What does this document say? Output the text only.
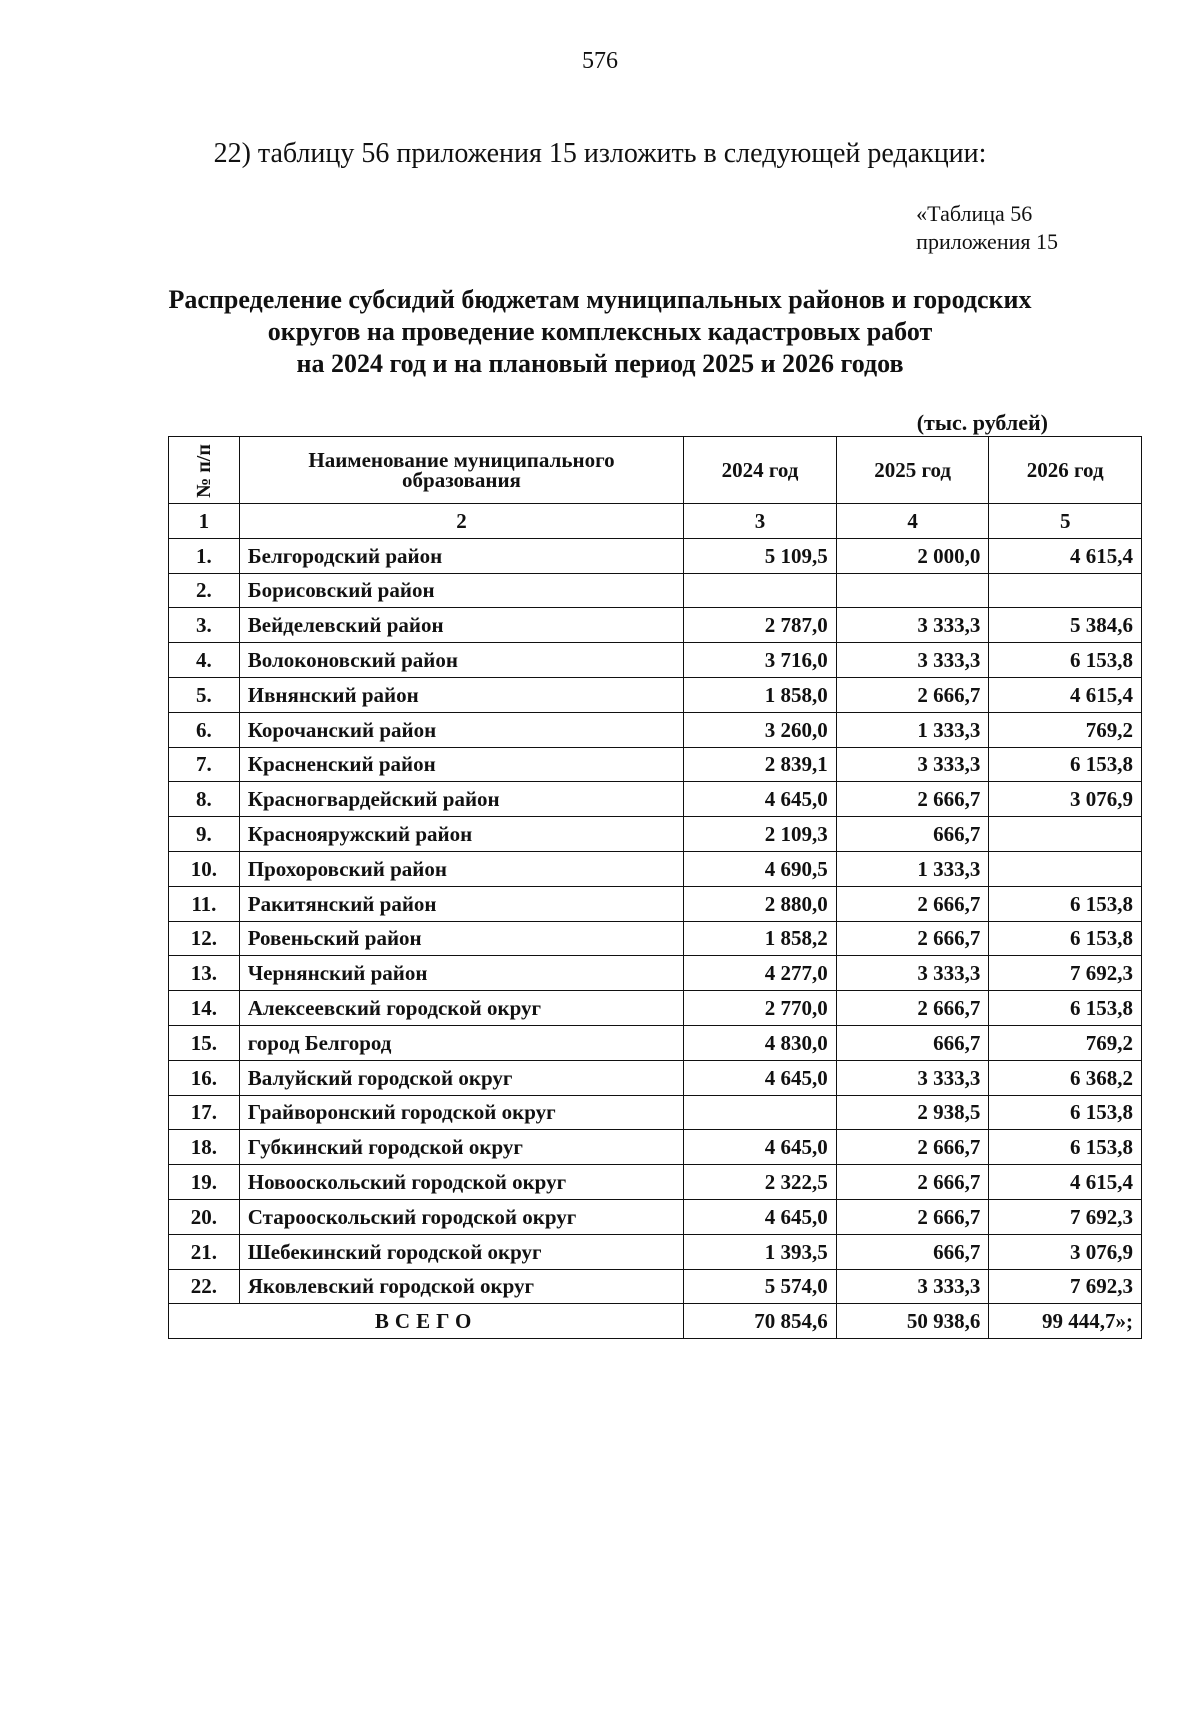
576
22) таблицу 56 приложения 15 изложить в следующей редакции:
«Таблица 56
приложения 15
Распределение субсидий бюджетам муниципальных районов и городских
округов на проведение комплексных кадастровых работ
на 2024 год и на плановый период 2025 и 2026 годов
(тыс. рублей)
№ п/п	Наименование муниципального образования	2024 год	2025 год	2026 год
1	2	3	4	5
1.	Белгородский район	5 109,5	2 000,0	4 615,4
2.	Борисовский район			
3.	Вейделевский район	2 787,0	3 333,3	5 384,6
4.	Волоконовский район	3 716,0	3 333,3	6 153,8
5.	Ивнянский район	1 858,0	2 666,7	4 615,4
6.	Корочанский район	3 260,0	1 333,3	769,2
7.	Красненский район	2 839,1	3 333,3	6 153,8
8.	Красногвардейский район	4 645,0	2 666,7	3 076,9
9.	Краснояружский район	2 109,3	666,7	
10.	Прохоровский район	4 690,5	1 333,3	
11.	Ракитянский район	2 880,0	2 666,7	6 153,8
12.	Ровеньский район	1 858,2	2 666,7	6 153,8
13.	Чернянский район	4 277,0	3 333,3	7 692,3
14.	Алексеевский городской округ	2 770,0	2 666,7	6 153,8
15.	город Белгород	4 830,0	666,7	769,2
16.	Валуйский городской округ	4 645,0	3 333,3	6 368,2
17.	Грайворонский городской округ		2 938,5	6 153,8
18.	Губкинский городской округ	4 645,0	2 666,7	6 153,8
19.	Новооскольский городской округ	2 322,5	2 666,7	4 615,4
20.	Старооскольский городской округ	4 645,0	2 666,7	7 692,3
21.	Шебекинский городской округ	1 393,5	666,7	3 076,9
22.	Яковлевский городской округ	5 574,0	3 333,3	7 692,3
ВСЕГО		70 854,6	50 938,6	99 444,7»;
